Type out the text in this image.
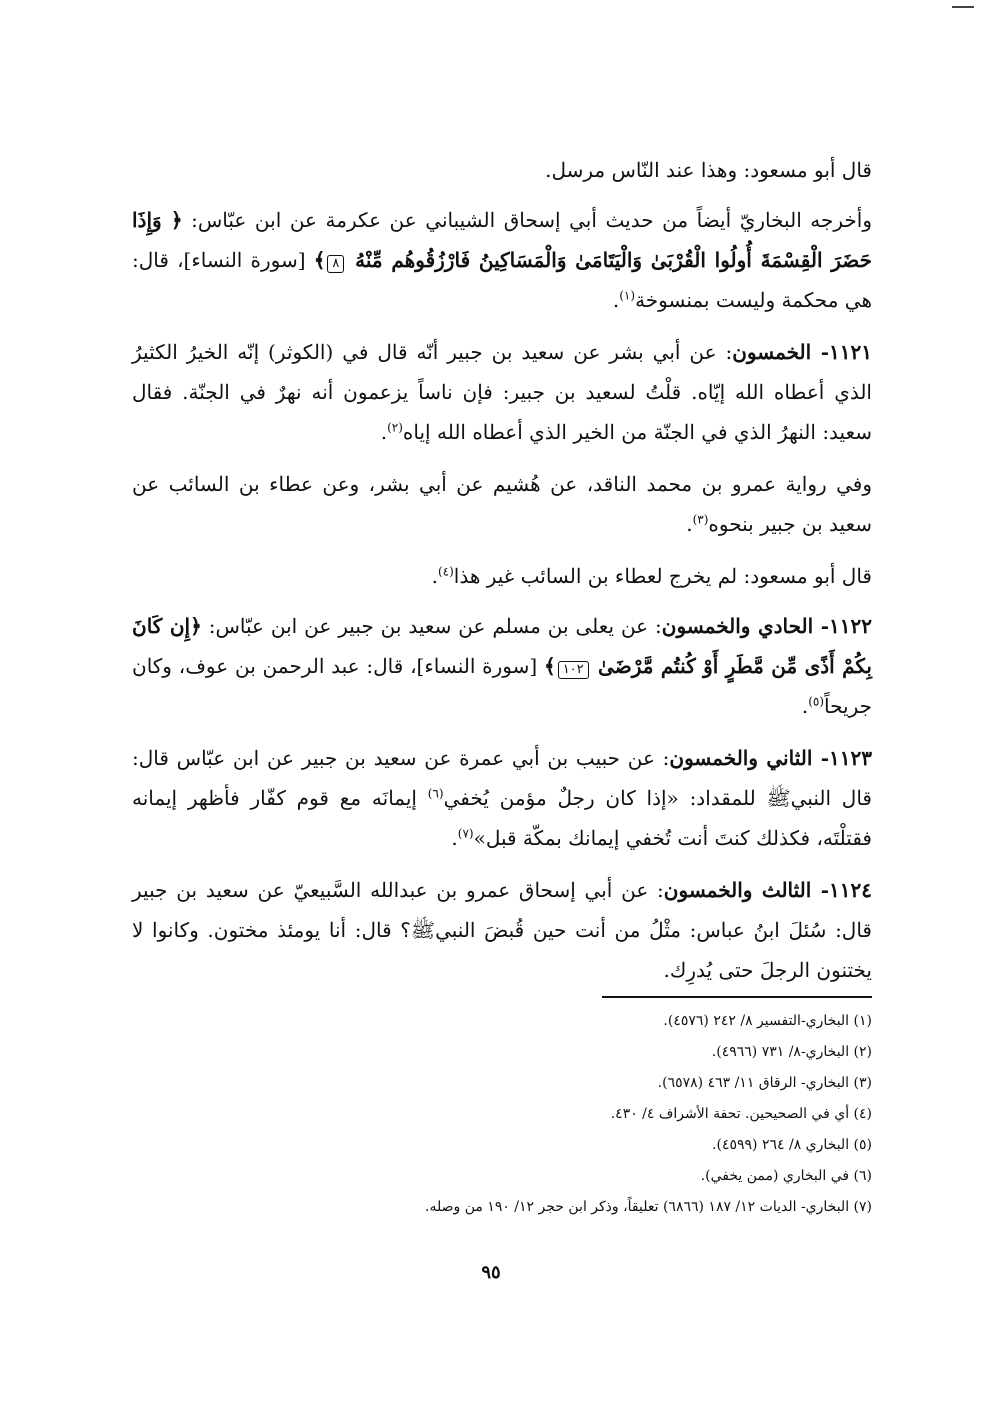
قال أبو مسعود: وهذا عند النّاس مرسل.

وأخرجه البخاريّ أيضاً من حديث أبي إسحاق الشيباني عن عكرمة عن ابن عبّاس: ﴿ وَإِذَا حَضَرَ الْقِسْمَةَ أُولُوا الْقُرْبَىٰ وَالْيَتَامَىٰ وَالْمَسَاكِينُ فَارْزُقُوهُم مِّنْهُ ٨﴾ [سورة النساء]، قال: هي محكمة وليست بمنسوخة$^{(١)}$.

١١٢١- الخمسون: عن أبي بشر عن سعيد بن جبير أنّه قال في (الكوثر) إنّه الخيرُ الكثيرُ الذي أعطاه الله إيّاه. قلْتُ لسعيد بن جبير: فإن ناساً يزعمون أنه نهرٌ في الجنّة. فقال سعيد: النهرُ الذي في الجنّة من الخير الذي أعطاه الله إياه$^{(٢)}$.

وفي رواية عمرو بن محمد الناقد، عن هُشيم عن أبي بشر، وعن عطاء بن السائب عن سعيد بن جبير بنحوه$^{(٣)}$.

قال أبو مسعود: لم يخرج لعطاء بن السائب غير هذا$^{(٤)}$.

١١٢٢- الحادي والخمسون: عن يعلى بن مسلم عن سعيد بن جبير عن ابن عبّاس: ﴿إِن كَانَ بِكُمْ أَذًى مِّن مَّطَرٍ أَوْ كُنتُم مَّرْضَىٰ ١٠٢﴾ [سورة النساء]، قال: عبد الرحمن بن عوف، وكان جريحاً$^{(٥)}$.

١١٢٣- الثاني والخمسون: عن حبيب بن أبي عمرة عن سعيد بن جبير عن ابن عبّاس قال: قال النبيﷺ للمقداد: «إذا كان رجلٌ مؤمن يُخفي$^{(٦)}$ إيمانَه مع قوم كفّار فأظهر إيمانه فقتلْتَه، فكذلك كنتَ أنت تُخفي إيمانك بمكّة قبل»$^{(٧)}$.

١١٢٤- الثالث والخمسون: عن أبي إسحاق عمرو بن عبدالله السَّبيعيّ عن سعيد بن جبير قال: سُئلَ ابنُ عباس: مثْلُ من أنت حين قُبضَ النبيﷺ؟ قال: أنا يومئذ مختون. وكانوا لا يختنون الرجلَ حتى يُدرِك.

(١) البخاري-التفسير ٨/ ٢٤٢ (٤٥٧٦).
(٢) البخاري-٨/ ٧٣١ (٤٩٦٦).
(٣) البخاري- الرقاق ١١/ ٤٦٣ (٦٥٧٨).
(٤) أي في الصحيحين. تحفة الأشراف ٤/ ٤٣٠.
(٥) البخاري ٨/ ٢٦٤ (٤٥٩٩).
(٦) في البخاري (ممن يخفي).
(٧) البخاري- الديات ١٢/ ١٨٧ (٦٨٦٦) تعليقاً، وذكر ابن حجر ١٢/ ١٩٠ من وصله.
٩٥
